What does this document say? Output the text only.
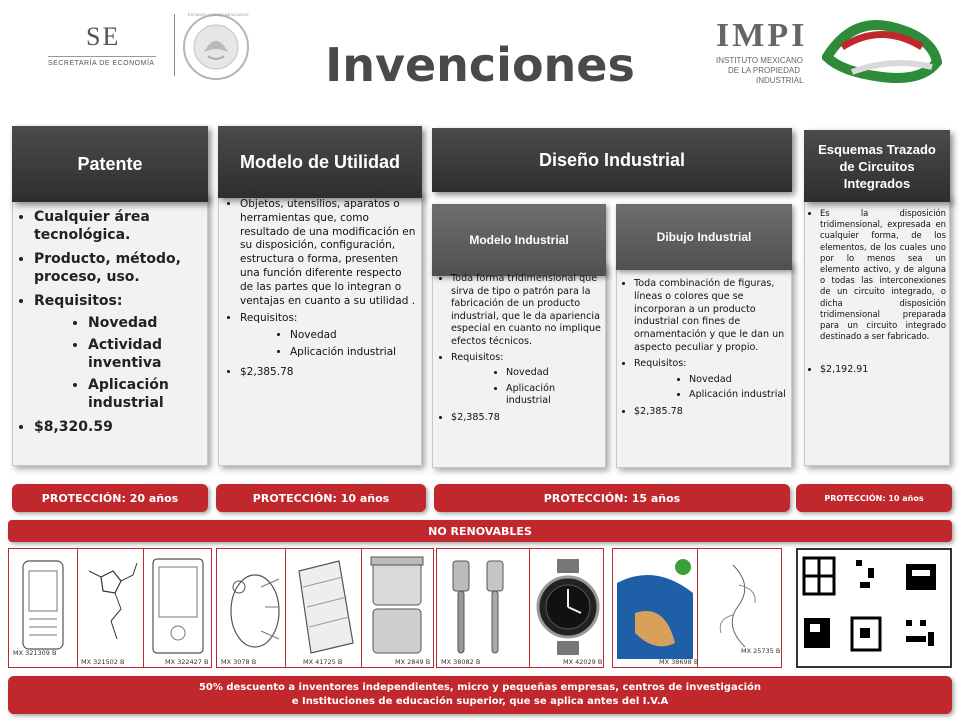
SE
SECRETARÍA DE ECONOMÍA
ESTADOS UNIDOS MEXICANOS
Invenciones
IMPI
INSTITUTO MEXICANO
DE LA PROPIEDAD
INDUSTRIAL
Patente
• Cualquier área tecnológica.
• Producto, método, proceso, uso.
• Requisitos:
• Novedad
• Actividad inventiva
• Aplicación industrial
• $8,320.59
Modelo de Utilidad
• Objetos, utensilios, aparatos o herramientas que, como resultado de una modificación en su disposición, configuración, estructura o forma, presenten una función diferente respecto de las partes que lo integran o ventajas en cuanto a su utilidad .
• Requisitos:
• Novedad
• Aplicación industrial
• $2,385.78
Diseño Industrial
Modelo Industrial
• Toda forma tridimensional que sirva de tipo o patrón para la fabricación de un producto industrial, que le da apariencia especial en cuanto no implique efectos técnicos.
• Requisitos:
• Novedad
• Aplicación industrial
• $2,385.78
Dibujo Industrial
• Toda combinación de figuras, líneas o colores que se incorporan a un producto industrial con fines de ornamentación y que le dan un aspecto peculiar y propio.
• Requisitos:
• Novedad
• Aplicación industrial
• $2,385.78
Esquemas Trazado de Circuitos Integrados
• Es la disposición tridimensional, expresada en cualquier forma, de los elementos, de los cuales uno por lo menos sea un elemento activo, y de alguna o todas las interconexiones de un circuito integrado, o dicha disposición tridimensional preparada para un circuito integrado destinado a ser fabricado.
• $2,192.91
PROTECCIÓN: 20 años	PROTECCIÓN: 10 años	PROTECCIÓN: 15 años	PROTECCIÓN: 10 años
NO RENOVABLES
MX 321309 B
MX 321502 B	MX 322427 B MX 3078 B	MX 41725 B	MX 2849 B MX 38082 B	MX 42029 B	MX 38698 B
MX 25735 B
50% descuento a inventores independientes, micro y pequeñas empresas, centros de investigación
e Instituciones de educación superior, que se aplica antes del I.V.A
